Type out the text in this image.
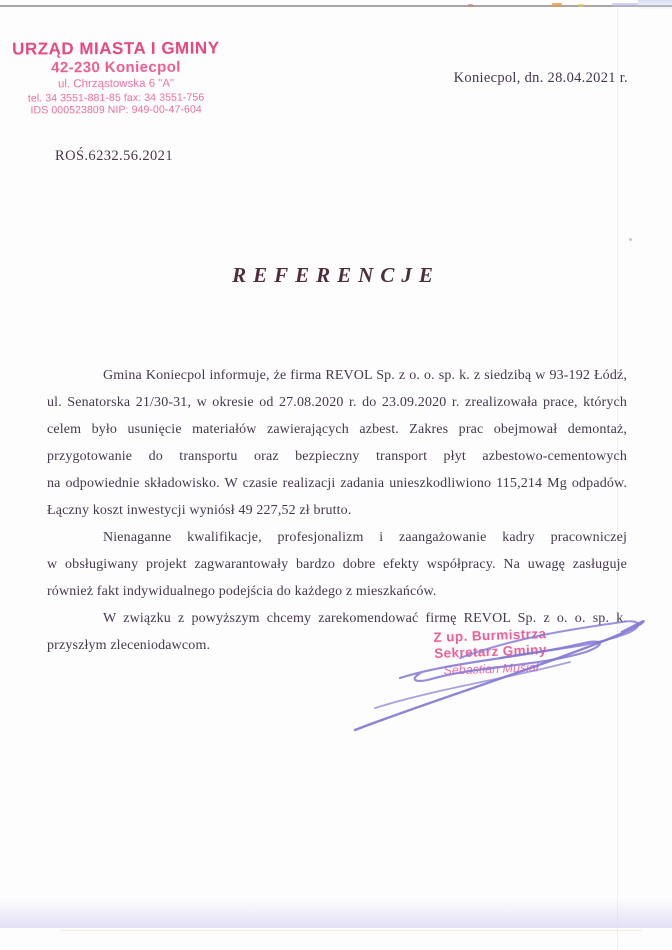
URZĄD MIASTA I GMINY
42-230 Koniecpol
ul. Chrząstowska 6 "A"
tel. 34 3551-881-85 fax: 34 3551-756
IDS 000523809 NIP: 949-00-47-604
Koniecpol, dn. 28.04.2021 r.
ROŚ.6232.56.2021
REFERENCJE
Gmina Koniecpol informuje, że firma REVOL Sp. z o. o. sp. k. z siedzibą w 93-192 Łódź,
ul. Senatorska 21/30-31, w okresie od 27.08.2020 r. do 23.09.2020 r. zrealizowała prace, których
celem było usunięcie materiałów zawierających azbest. Zakres prac obejmował demontaż,
przygotowanie do transportu oraz bezpieczny transport płyt azbestowo-cementowych
na odpowiednie składowisko. W czasie realizacji zadania unieszkodliwiono 115,214 Mg odpadów.
Łączny koszt inwestycji wyniósł 49 227,52 zł brutto.
Nienaganne kwalifikacje, profesjonalizm i zaangażowanie kadry pracowniczej
w obsługiwany projekt zagwarantowały bardzo dobre efekty współpracy. Na uwagę zasługuje
również fakt indywidualnego podejścia do każdego z mieszkańców.
W związku z powyższym chcemy zarekomendować firmę REVOL Sp. z o. o. sp. k.
przyszłym zleceniodawcom.
Z up. Burmistrza
Sekretarz Gminy
Sebastian Musiał
